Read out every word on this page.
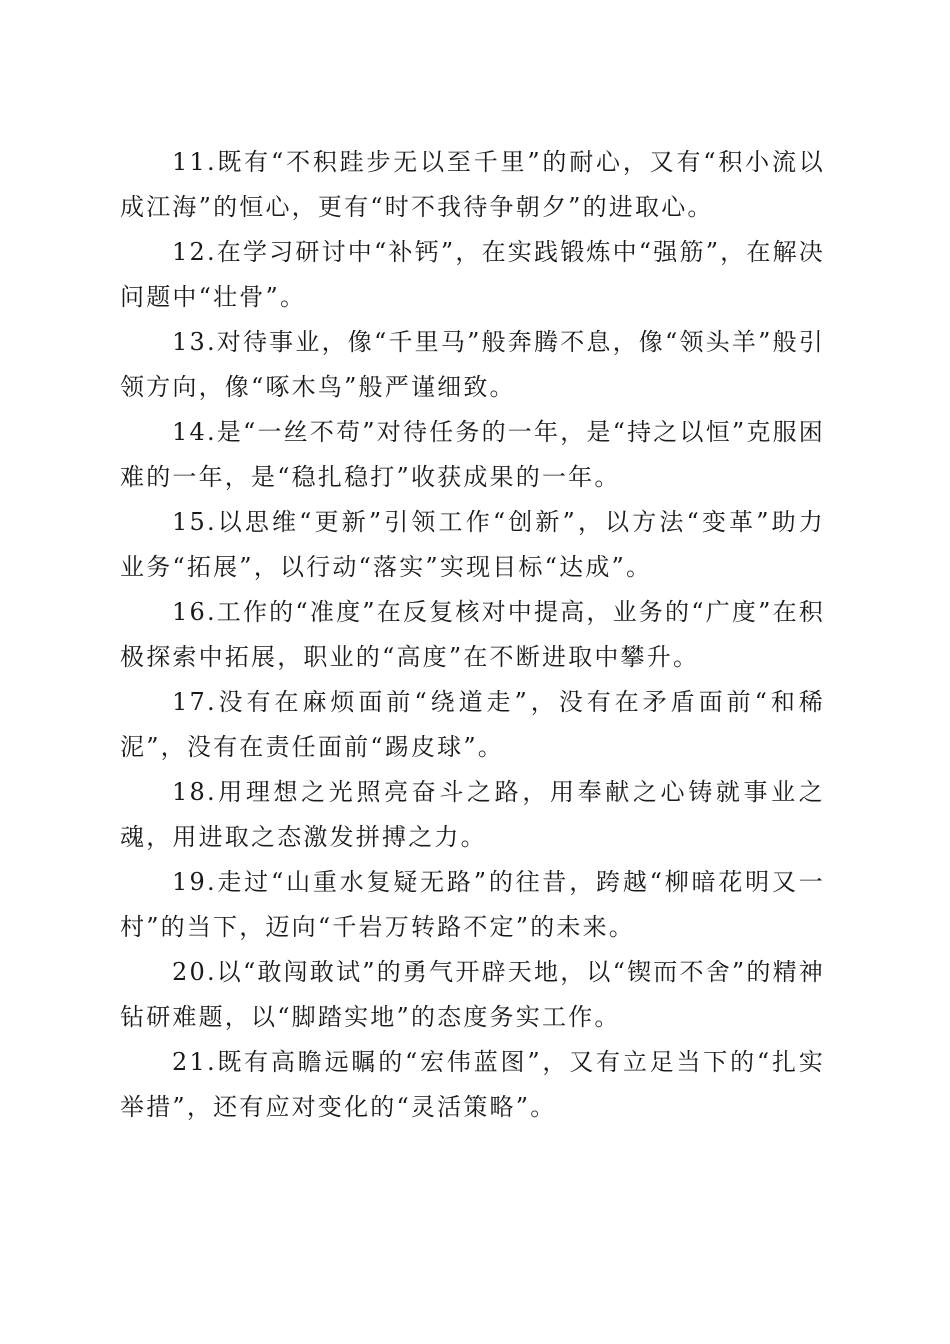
11.既有“不积跬步无以至千里”的耐心，又有“积小流以成江海”的恒心，更有“时不我待争朝夕”的进取心。

12.在学习研讨中“补钙”，在实践锻炼中“强筋”，在解决问题中“壮骨”。

13.对待事业，像“千里马”般奔腾不息，像“领头羊”般引领方向，像“啄木鸟”般严谨细致。

14.是“一丝不苟”对待任务的一年，是“持之以恒”克服困难的一年，是“稳扎稳打”收获成果的一年。

15.以思维“更新”引领工作“创新”，以方法“变革”助力业务“拓展”，以行动“落实”实现目标“达成”。

16.工作的“准度”在反复核对中提高，业务的“广度”在积极探索中拓展，职业的“高度”在不断进取中攀升。

17.没有在麻烦面前“绕道走”，没有在矛盾面前“和稀泥”，没有在责任面前“踢皮球”。

18.用理想之光照亮奋斗之路，用奉献之心铸就事业之魂，用进取之态激发拼搏之力。

19.走过“山重水复疑无路”的往昔，跨越“柳暗花明又一村”的当下，迈向“千岩万转路不定”的未来。

20.以“敢闯敢试”的勇气开辟天地，以“锲而不舍”的精神钻研难题，以“脚踏实地”的态度务实工作。

21.既有高瞻远瞩的“宏伟蓝图”，又有立足当下的“扎实举措”，还有应对变化的“灵活策略”。
